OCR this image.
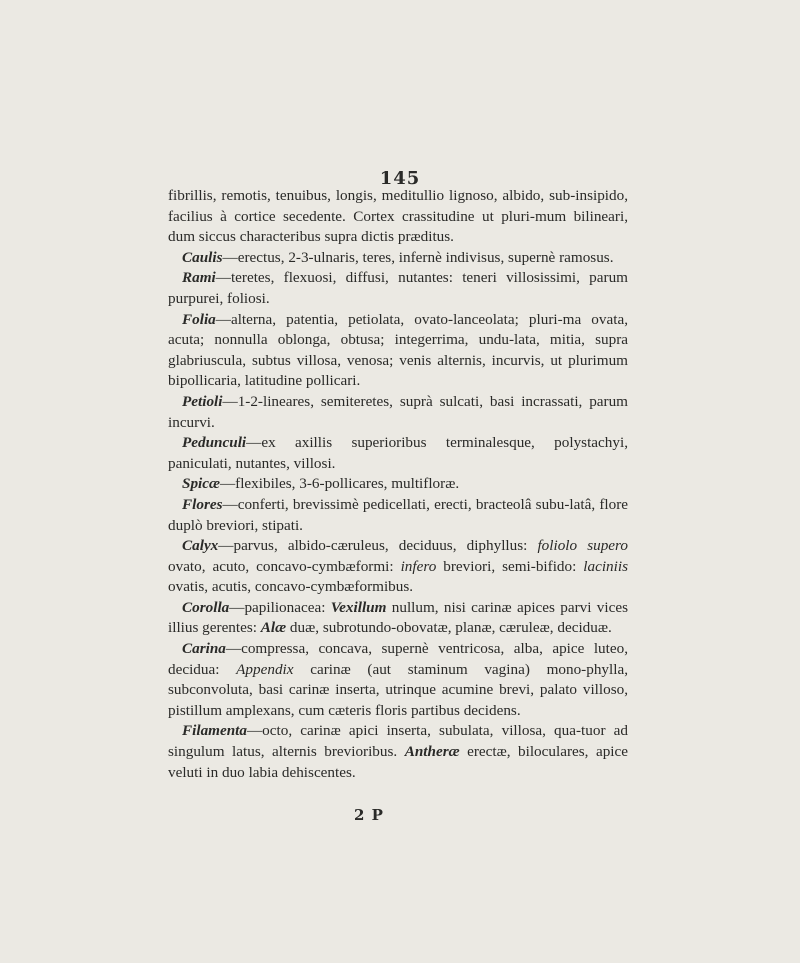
145

fibrillis, remotis, tenuibus, longis, meditullio lignoso, albido, sub-insipido, facilius à cortice secedente. Cortex crassitudine ut pluri-mum bilineari, dum siccus characteribus supra dictis præditus.

Caulis—erectus, 2-3-ulnaris, teres, infernè indivisus, supernè ramosus.

Rami—teretes, flexuosi, diffusi, nutantes: teneri villosissimi, parum purpurei, foliosi.

Folia—alterna, patentia, petiolata, ovato-lanceolata; pluri-ma ovata, acuta; nonnulla oblonga, obtusa; integerrima, undu-lata, mitia, supra glabriuscula, subtus villosa, venosa; venis alternis, incurvis, ut plurimum bipollicaria, latitudine pollicari.

Petioli—1-2-lineares, semiteretes, suprà sulcati, basi incrassati, parum incurvi.

Pedunculi—ex axillis superioribus terminalesque, polystachyi, paniculati, nutantes, villosi.

Spicæ—flexibiles, 3-6-pollicares, multifloræ.

Flores—conferti, brevissimè pedicellati, erecti, bracteolâ subu-latâ, flore duplò breviori, stipati.

Calyx—parvus, albido-cæruleus, deciduus, diphyllus: foliolo supero ovato, acuto, concavo-cymbæformi: infero breviori, semi-bifido: laciniis ovatis, acutis, concavo-cymbæformibus.

Corolla—papilionacea: Vexillum nullum, nisi carinæ apices parvi vices illius gerentes: Alæ duæ, subrotundo-obovatæ, planæ, cæruleæ, deciduæ.

Carina—compressa, concava, supernè ventricosa, alba, apice luteo, decidua: Appendix carinæ (aut staminum vagina) mono-phylla, subconvoluta, basi carinæ inserta, utrinque acumine brevi, palato villoso, pistillum amplexans, cum cæteris floris partibus decidens.

Filamenta—octo, carinæ apici inserta, subulata, villosa, qua-tuor ad singulum latus, alternis brevioribus. Antheræ erectæ, biloculares, apice veluti in duo labia dehiscentes.

2 P
